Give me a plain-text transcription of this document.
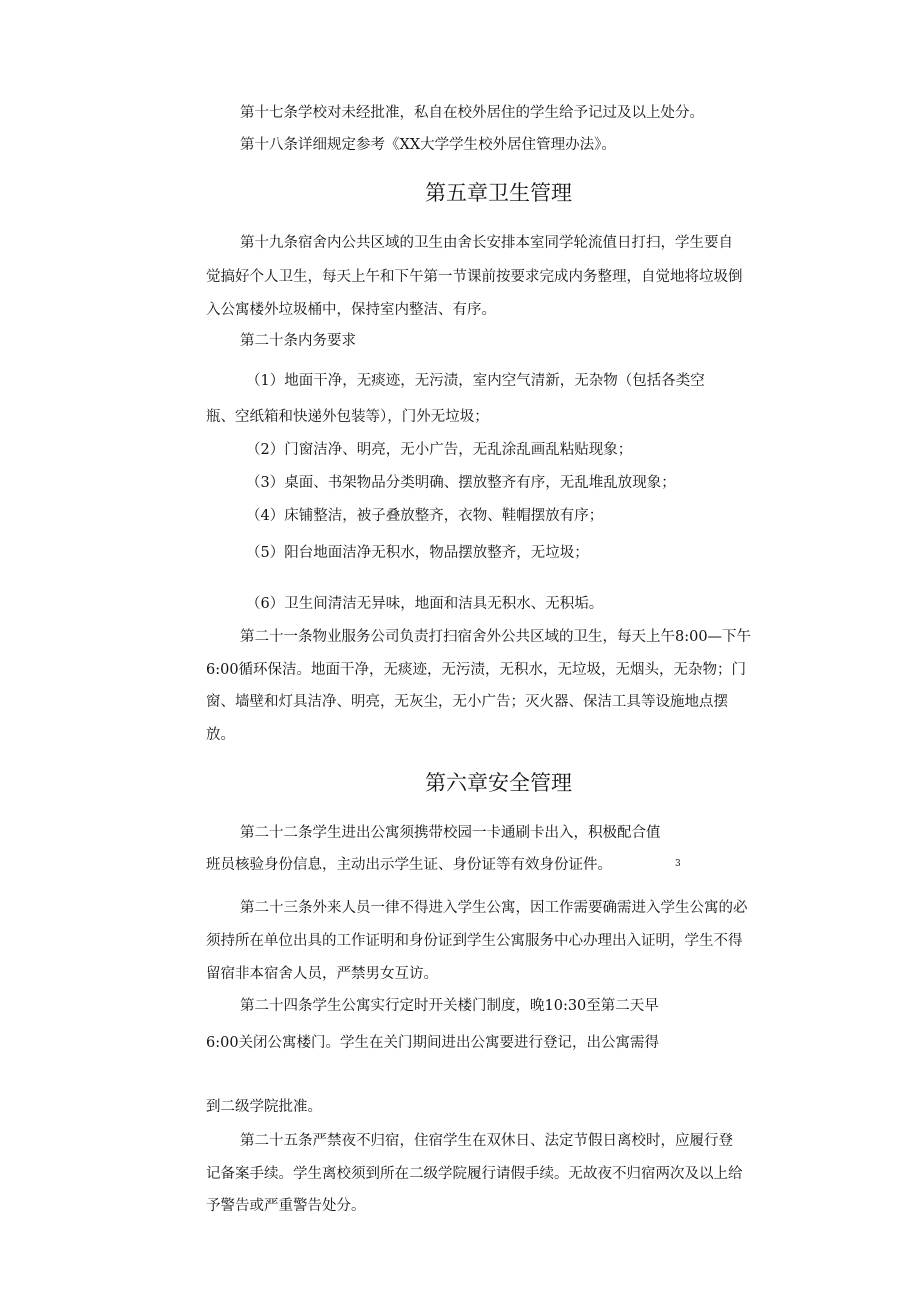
第十七条学校对未经批准，私自在校外居住的学生给予记过及以上处分。
第十八条详细规定参考《XX大学学生校外居住管理办法》。
第五章卫生管理
第十九条宿舍内公共区域的卫生由舍长安排本室同学轮流值日打扫，学生要自
觉搞好个人卫生，每天上午和下午第一节课前按要求完成内务整理，自觉地将垃圾倒
入公寓楼外垃圾桶中，保持室内整洁、有序。
第二十条内务要求
（1）地面干净，无痰迹，无污渍，室内空气清新，无杂物（包括各类空
瓶、空纸箱和快递外包装等），门外无垃圾；
（2）门窗洁净、明亮，无小广告，无乱涂乱画乱粘贴现象；
（3）桌面、书架物品分类明确、摆放整齐有序，无乱堆乱放现象；
（4）床铺整洁，被子叠放整齐，衣物、鞋帽摆放有序；
（5）阳台地面洁净无积水，物品摆放整齐，无垃圾；
（6）卫生间清洁无异味，地面和洁具无积水、无积垢。
第二十一条物业服务公司负责打扫宿舍外公共区域的卫生，每天上午8:00—下午
6:00循环保洁。地面干净，无痰迹，无污渍，无积水，无垃圾，无烟头，无杂物；门
窗、墙壁和灯具洁净、明亮，无灰尘，无小广告；灭火器、保洁工具等设施地点摆
放。
第六章安全管理
第二十二条学生进出公寓须携带校园一卡通刷卡出入，积极配合值
班员核验身份信息，主动出示学生证、身份证等有效身份证件。	3
第二十三条外来人员一律不得进入学生公寓，因工作需要确需进入学生公寓的必
须持所在单位出具的工作证明和身份证到学生公寓服务中心办理出入证明，学生不得
留宿非本宿舍人员，严禁男女互访。
第二十四条学生公寓实行定时开关楼门制度，晚10:30至第二天早
6:00关闭公寓楼门。学生在关门期间进出公寓要进行登记，出公寓需得
到二级学院批准。
第二十五条严禁夜不归宿，住宿学生在双休日、法定节假日离校时，应履行登
记备案手续。学生离校须到所在二级学院履行请假手续。无故夜不归宿两次及以上给
予警告或严重警告处分。
